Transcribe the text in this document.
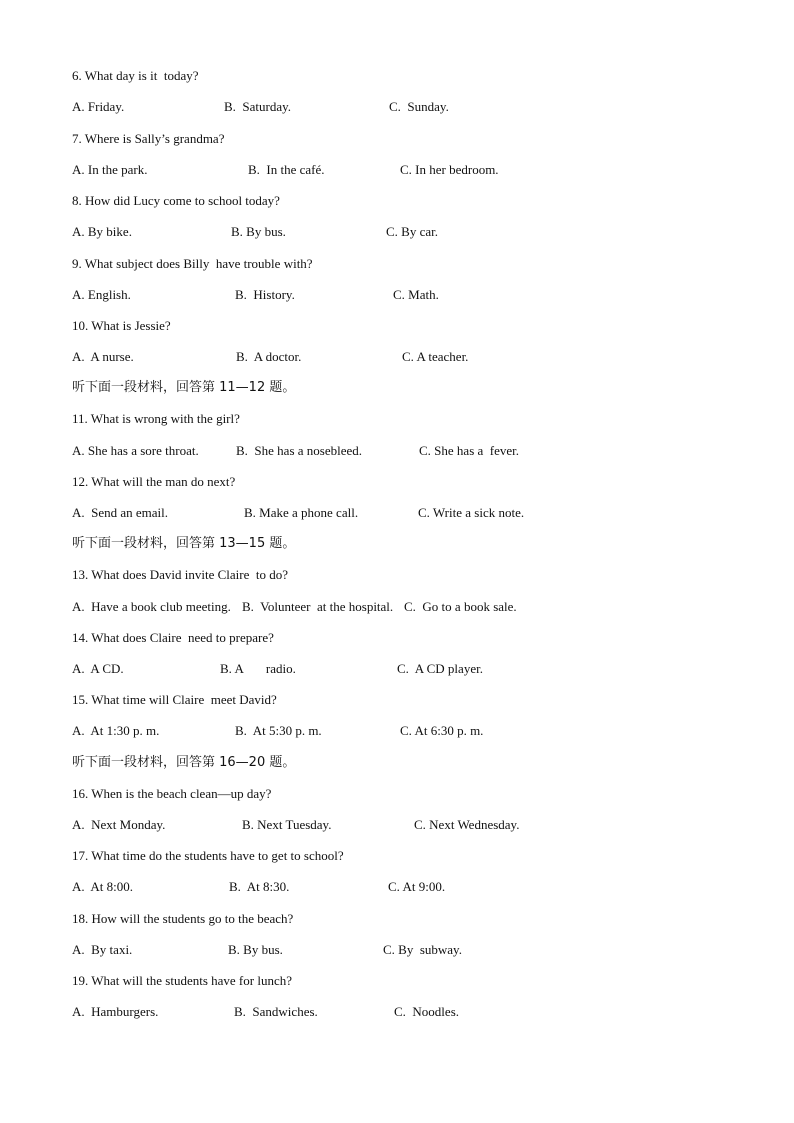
6. What day is it  today?

A. Friday.

	B.  Saturday.

	C.  Sunday.

7. Where is Sally’s grandma?

A. In the park.

	B.  In the café.

	C. In her bedroom.

8. How did Lucy come to school today?

A. By bike.

	B. By bus.

	C. By car.

9. What subject does Billy  have trouble with?

A. English.

	B.  History.

	C. Math.

10. What is Jessie?

A.  A nurse.

	B.  A doctor.

	C. A teacher.

听下面一段材料，回答第 11—12 题。
11. What is wrong with the girl?

A. She has a sore throat.

	B.  She has a nosebleed.

	C. She has a  fever.

12. What will the man do next?

A.  Send an email.

	B. Make a phone call.

	C. Write a sick note.

听下面一段材料，回答第 13—15 题。
13. What does David invite Claire  to do?

A.  Have a book club meeting.

B.  Volunteer  at the hospital.

C.  Go to a book sale.

14. What does Claire  need to prepare?

A.  A CD.

	B. A       radio.

	C.  A CD player.

15. What time will Claire  meet David?

A.  At 1:30 p. m.

	B.  At 5:30 p. m.

	C. At 6:30 p. m.

听下面一段材料，回答第 16—20 题。
16. When is the beach clean—up day?

A.  Next Monday.

	B. Next Tuesday.

	C. Next Wednesday.

17. What time do the students have to get to school?

A.  At 8:00.

	B.  At 8:30.

	C. At 9:00.

18. How will the students go to the beach?

A.  By taxi.

	B. By bus.

	C. By  subway.

19. What will the students have for lunch?

A.  Hamburgers.

	B.  Sandwiches.

	C.  Noodles.
